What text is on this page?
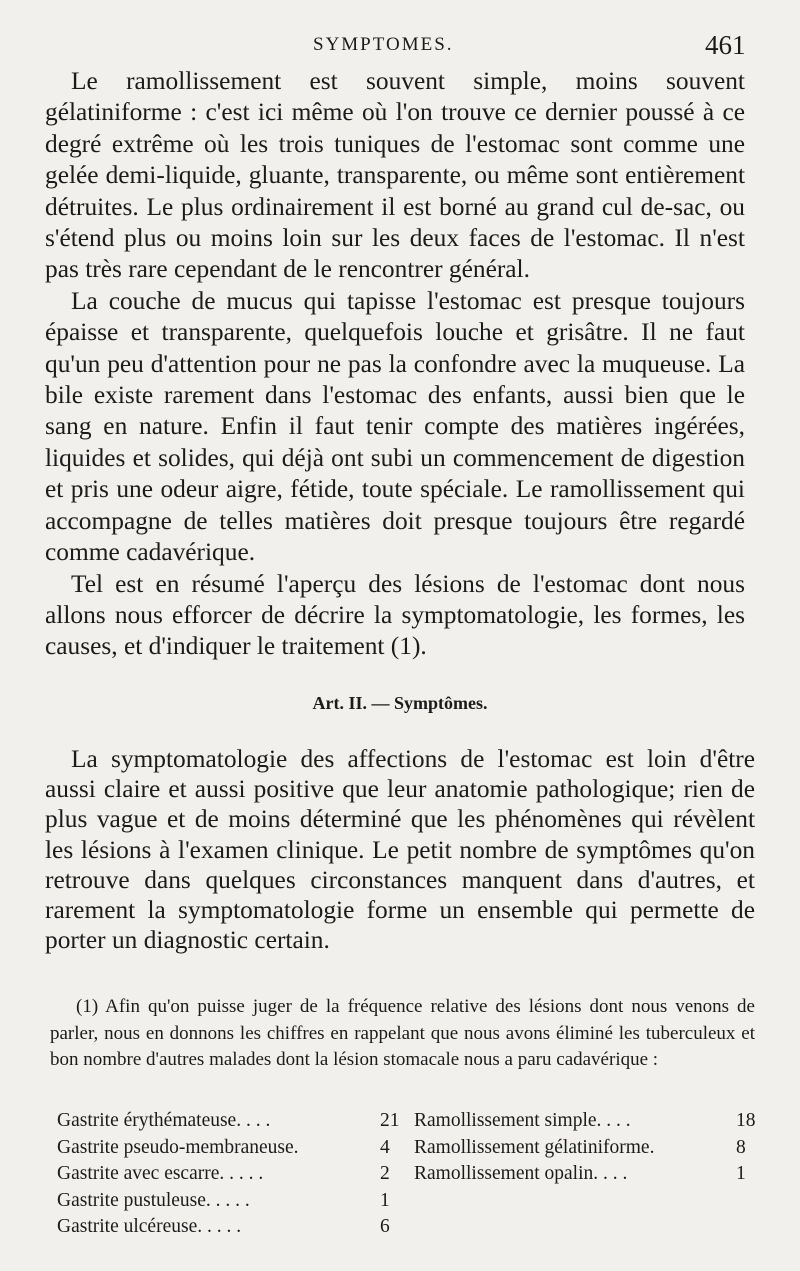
SYMPTOMES.	461

Le ramollissement est souvent simple, moins souvent gélatiniforme : c'est ici même où l'on trouve ce dernier poussé à ce degré extrême où les trois tuniques de l'estomac sont comme une gelée demi-liquide, gluante, transparente, ou même sont entièrement détruites. Le plus ordinairement il est borné au grand cul de-sac, ou s'étend plus ou moins loin sur les deux faces de l'estomac. Il n'est pas très rare cependant de le rencontrer général.

La couche de mucus qui tapisse l'estomac est presque toujours épaisse et transparente, quelquefois louche et grisâtre. Il ne faut qu'un peu d'attention pour ne pas la confondre avec la muqueuse. La bile existe rarement dans l'estomac des enfants, aussi bien que le sang en nature. Enfin il faut tenir compte des matières ingérées, liquides et solides, qui déjà ont subi un commencement de digestion et pris une odeur aigre, fétide, toute spéciale. Le ramollissement qui accompagne de telles matières doit presque toujours être regardé comme cadavérique.

Tel est en résumé l'aperçu des lésions de l'estomac dont nous allons nous efforcer de décrire la symptomatologie, les formes, les causes, et d'indiquer le traitement (1).

Art. II. — Symptômes.

La symptomatologie des affections de l'estomac est loin d'être aussi claire et aussi positive que leur anatomie pathologique; rien de plus vague et de moins déterminé que les phénomènes qui révèlent les lésions à l'examen clinique. Le petit nombre de symptômes qu'on retrouve dans quelques circonstances manquent dans d'autres, et rarement la symptomatologie forme un ensemble qui permette de porter un diagnostic certain.

(1) Afin qu'on puisse juger de la fréquence relative des lésions dont nous venons de parler, nous en donnons les chiffres en rappelant que nous avons éliminé les tuberculeux et bon nombre d'autres malades dont la lésion stomacale nous a paru cadavérique :

Gastrite érythémateuse. . . .	21 Ramollissement simple. . . .	18
Gastrite pseudo-membraneuse.	4 Ramollissement gélatiniforme.	8
Gastrite avec escarre. . . . .	2 Ramollissement opalin. . . .	1
Gastrite pustuleuse. . . . .	1
Gastrite ulcéreuse. . . . .	6
